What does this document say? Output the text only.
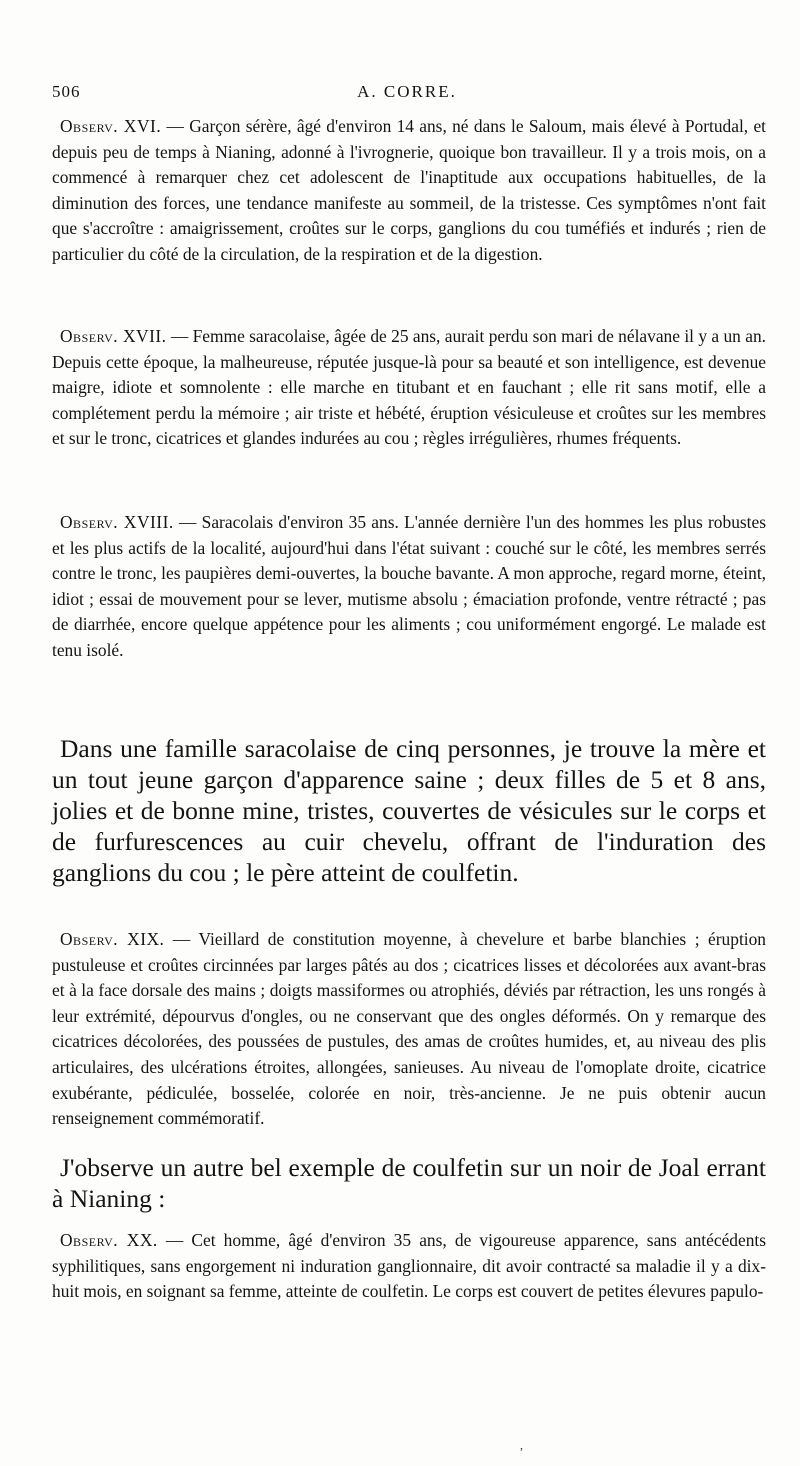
506	A. CORRE.

Observ. XVI. — Garçon sérère, âgé d'environ 14 ans, né dans le Saloum, mais élevé à Portudal, et depuis peu de temps à Nianing, adonné à l'ivrognerie, quoique bon travailleur. Il y a trois mois, on a commencé à remarquer chez cet adolescent de l'inaptitude aux occupations habituelles, de la diminution des forces, une tendance manifeste au sommeil, de la tristesse. Ces symptômes n'ont fait que s'accroître : amaigrissement, croûtes sur le corps, ganglions du cou tuméfiés et indurés ; rien de particulier du côté de la circulation, de la respiration et de la digestion.

Observ. XVII. — Femme saracolaise, âgée de 25 ans, aurait perdu son mari de nélavane il y a un an. Depuis cette époque, la malheureuse, réputée jusque-là pour sa beauté et son intelligence, est devenue maigre, idiote et somnolente : elle marche en titubant et en fauchant ; elle rit sans motif, elle a complétement perdu la mémoire ; air triste et hébété, éruption vésiculeuse et croûtes sur les membres et sur le tronc, cicatrices et glandes indurées au cou ; règles irrégulières, rhumes fréquents.

Observ. XVIII. — Saracolais d'environ 35 ans. L'année dernière l'un des hommes les plus robustes et les plus actifs de la localité, aujourd'hui dans l'état suivant : couché sur le côté, les membres serrés contre le tronc, les paupières demi-ouvertes, la bouche bavante. A mon approche, regard morne, éteint, idiot ; essai de mouvement pour se lever, mutisme absolu ; émaciation profonde, ventre rétracté ; pas de diarrhée, encore quelque appétence pour les aliments ; cou uniformément engorgé. Le malade est tenu isolé.

Dans une famille saracolaise de cinq personnes, je trouve la mère et un tout jeune garçon d'apparence saine ; deux filles de 5 et 8 ans, jolies et de bonne mine, tristes, couvertes de vésicules sur le corps et de furfurescences au cuir chevelu, offrant de l'induration des ganglions du cou ; le père atteint de coulfetin.

Observ. XIX. — Vieillard de constitution moyenne, à chevelure et barbe blanchies ; éruption pustuleuse et croûtes circinnées par larges pâtés au dos ; cicatrices lisses et décolorées aux avant-bras et à la face dorsale des mains ; doigts massiformes ou atrophiés, déviés par rétraction, les uns rongés à leur extrémité, dépourvus d'ongles, ou ne conservant que des ongles déformés. On y remarque des cicatrices décolorées, des poussées de pustules, des amas de croûtes humides, et, au niveau des plis articulaires, des ulcérations étroites, allongées, sanieuses. Au niveau de l'omoplate droite, cicatrice exubérante, pédiculée, bosselée, colorée en noir, très-ancienne. Je ne puis obtenir aucun renseignement commémoratif.

J'observe un autre bel exemple de coulfetin sur un noir de Joal errant à Nianing :

Observ. XX. — Cet homme, âgé d'environ 35 ans, de vigoureuse apparence, sans antécédents syphilitiques, sans engorgement ni induration ganglionnaire, dit avoir contracté sa maladie il y a dix-huit mois, en soignant sa femme, atteinte de coulfetin. Le corps est couvert de petites élevures papulo-

,
